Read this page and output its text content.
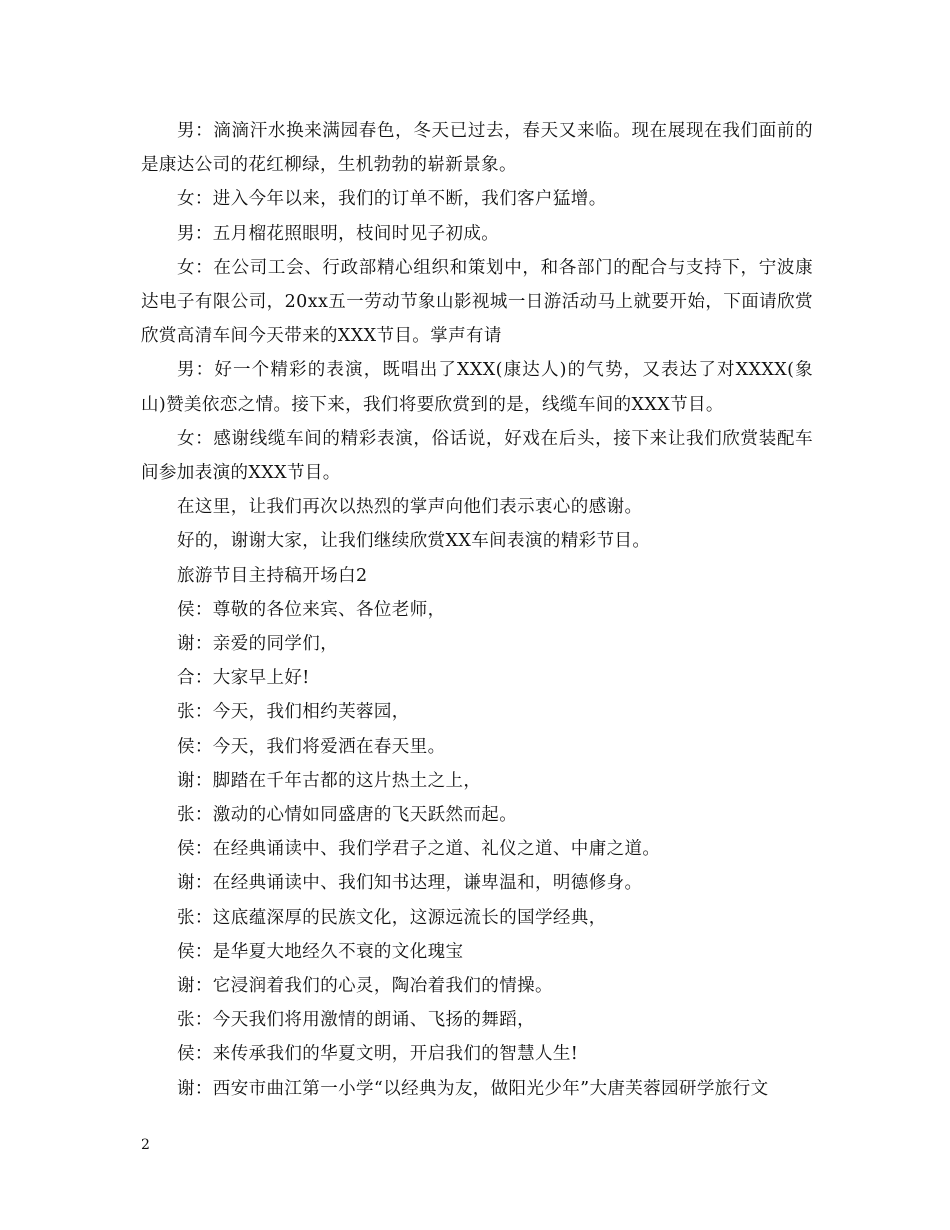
男：滴滴汗水换来满园春色，冬天已过去，春天又来临。现在展现在我们面前的是康达公司的花红柳绿，生机勃勃的崭新景象。

女：进入今年以来，我们的订单不断，我们客户猛增。

男：五月榴花照眼明，枝间时见子初成。

女：在公司工会、行政部精心组织和策划中，和各部门的配合与支持下，宁波康达电子有限公司，20xx五一劳动节象山影视城一日游活动马上就要开始，下面请欣赏欣赏高清车间今天带来的XXX节目。掌声有请

男：好一个精彩的表演，既唱出了XXX(康达人)的气势，又表达了对XXXX(象山)赞美依恋之情。接下来，我们将要欣赏到的是，线缆车间的XXX节目。

女：感谢线缆车间的精彩表演，俗话说，好戏在后头，接下来让我们欣赏装配车间参加表演的XXX节目。

在这里，让我们再次以热烈的掌声向他们表示衷心的感谢。

好的，谢谢大家，让我们继续欣赏XX车间表演的精彩节目。

旅游节目主持稿开场白2

侯：尊敬的各位来宾、各位老师，

谢：亲爱的同学们，

合：大家早上好!

张：今天，我们相约芙蓉园，

侯：今天，我们将爱洒在春天里。

谢：脚踏在千年古都的这片热土之上，

张：激动的心情如同盛唐的飞天跃然而起。

侯：在经典诵读中、我们学君子之道、礼仪之道、中庸之道。

谢：在经典诵读中、我们知书达理，谦卑温和，明德修身。

张：这底蕴深厚的民族文化，这源远流长的国学经典，

侯：是华夏大地经久不衰的文化瑰宝

谢：它浸润着我们的心灵，陶冶着我们的情操。

张：今天我们将用激情的朗诵、飞扬的舞蹈，

侯：来传承我们的华夏文明，开启我们的智慧人生!

谢：西安市曲江第一小学“以经典为友，做阳光少年”大唐芙蓉园研学旅行文

2
